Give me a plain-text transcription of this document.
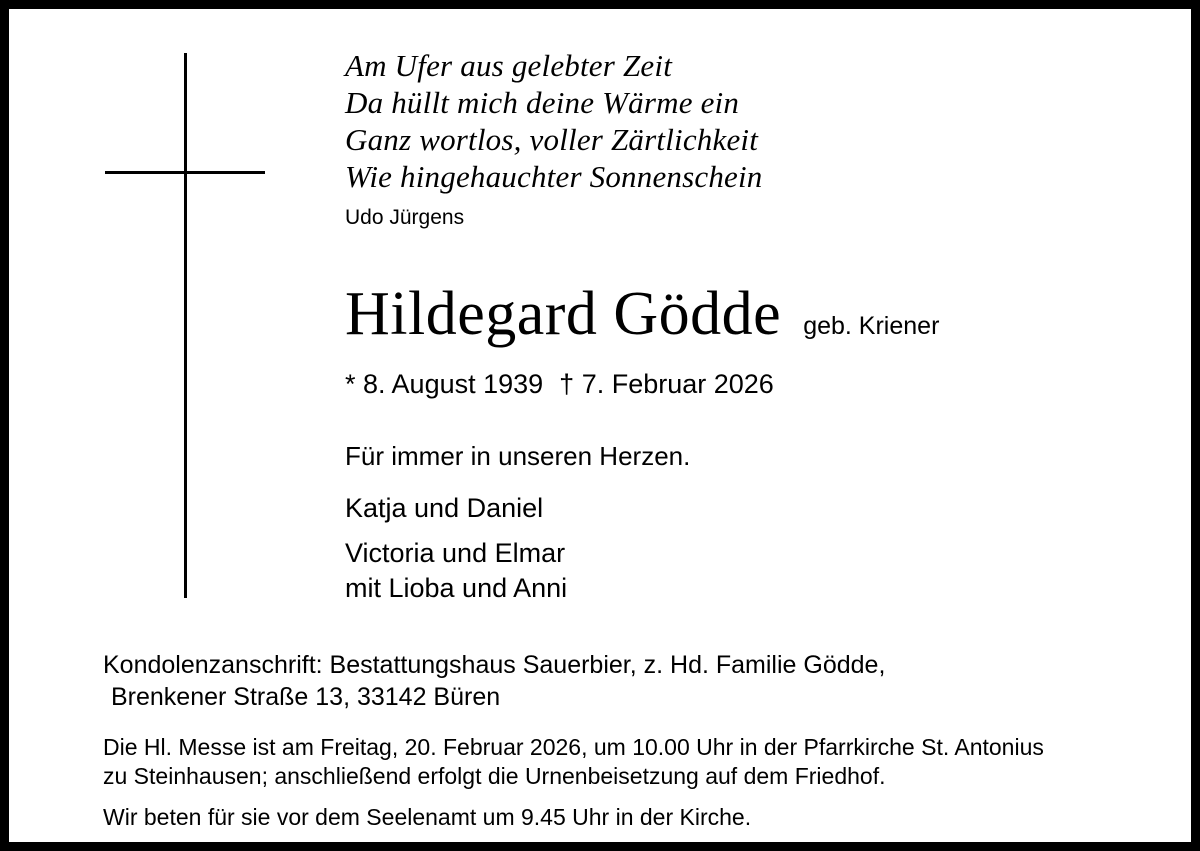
Am Ufer aus gelebter Zeit
Da hüllt mich deine Wärme ein
Ganz wortlos, voller Zärtlichkeit
Wie hingehauchter Sonnenschein
Udo Jürgens
Hildegard Gödde geb. Kriener
* 8. August 1939 † 7. Februar 2026
Für immer in unseren Herzen.
Katja und Daniel
Victoria und Elmar
mit Lioba und Anni
Kondolenzanschrift: Bestattungshaus Sauerbier, z. Hd. Familie Gödde,
Brenkener Straße 13, 33142 Büren
Die Hl. Messe ist am Freitag, 20. Februar 2026, um 10.00 Uhr in der Pfarrkirche St. Antonius
zu Steinhausen; anschließend erfolgt die Urnenbeisetzung auf dem Friedhof.
Wir beten für sie vor dem Seelenamt um 9.45 Uhr in der Kirche.
